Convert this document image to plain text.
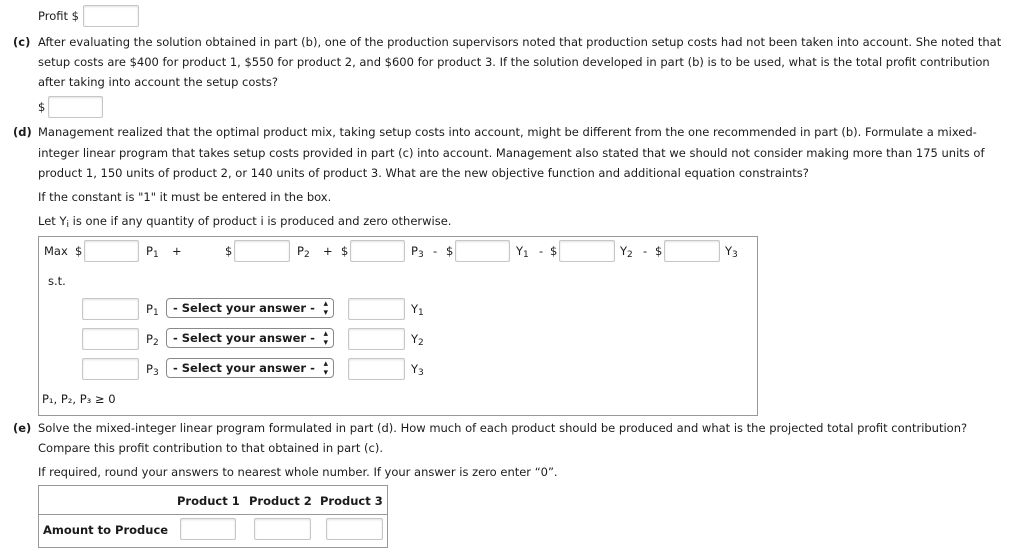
Profit $
(c) After evaluating the solution obtained in part (b), one of the production supervisors noted that production setup costs had not been taken into account. She noted that
setup costs are $400 for product 1, $550 for product 2, and $600 for product 3. If the solution developed in part (b) is to be used, what is the total profit contribution
after taking into account the setup costs?
$
(d) Management realized that the optimal product mix, taking setup costs into account, might be different from the one recommended in part (b). Formulate a mixed-
integer linear program that takes setup costs provided in part (c) into account. Management also stated that we should not consider making more than 175 units of
product 1, 150 units of product 2, or 140 units of product 3. What are the new objective function and additional equation constraints?
If the constant is "1" it must be entered in the box.
Let $Y_i$ is one if any quantity of product i is produced and zero otherwise.
Max $	$P_1$ +	$	$P_2$ + $	$P_3$ - $	$Y_1$ - $	$Y_2$ - $	$Y_3$
s.t.
$P_1$	- Select your answer - ▴
▾	$Y_1$
$P_2$	- Select your answer - ▴
▾	$Y_2$
$P_3$	- Select your answer - ▴
▾	$Y_3$
P₁, P₂, P₃ ≥ 0
(e) Solve the mixed-integer linear program formulated in part (d). How much of each product should be produced and what is the projected total profit contribution?
Compare this profit contribution to that obtained in part (c).
If required, round your answers to nearest whole number. If your answer is zero enter “0”.
Product 1 Product 2 Product 3
Amount to Produce
